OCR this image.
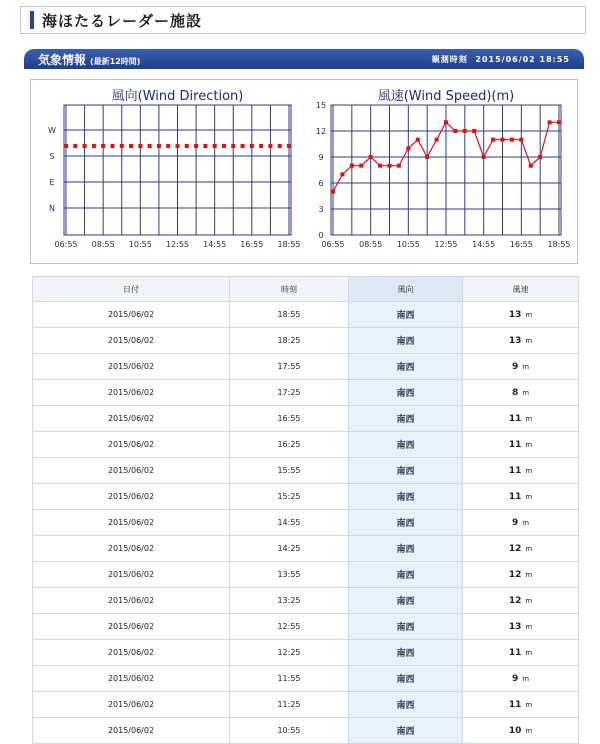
海ほたるレーダー施設
気象情報 (最新12時間)	観測時刻 2015/06/02 18:55
風向(Wind Direction)
06:55 08:55 10:55 12:55 14:55 16:55 18:55
W
S
E
N
風速(Wind Speed)(m)
0
3
6
9
12
15
06:55 08:55 10:55 12:55 14:55 16:55 18:55
日付	時刻	風向	風速
2015/06/02	18:55	南西	13 m
2015/06/02	18:25	南西	13 m
2015/06/02	17:55	南西	9 m
2015/06/02	17:25	南西	8 m
2015/06/02	16:55	南西	11 m
2015/06/02	16:25	南西	11 m
2015/06/02	15:55	南西	11 m
2015/06/02	15:25	南西	11 m
2015/06/02	14:55	南西	9 m
2015/06/02	14:25	南西	12 m
2015/06/02	13:55	南西	12 m
2015/06/02	13:25	南西	12 m
2015/06/02	12:55	南西	13 m
2015/06/02	12:25	南西	11 m
2015/06/02	11:55	南西	9 m
2015/06/02	11:25	南西	11 m
2015/06/02	10:55	南西	10 m
